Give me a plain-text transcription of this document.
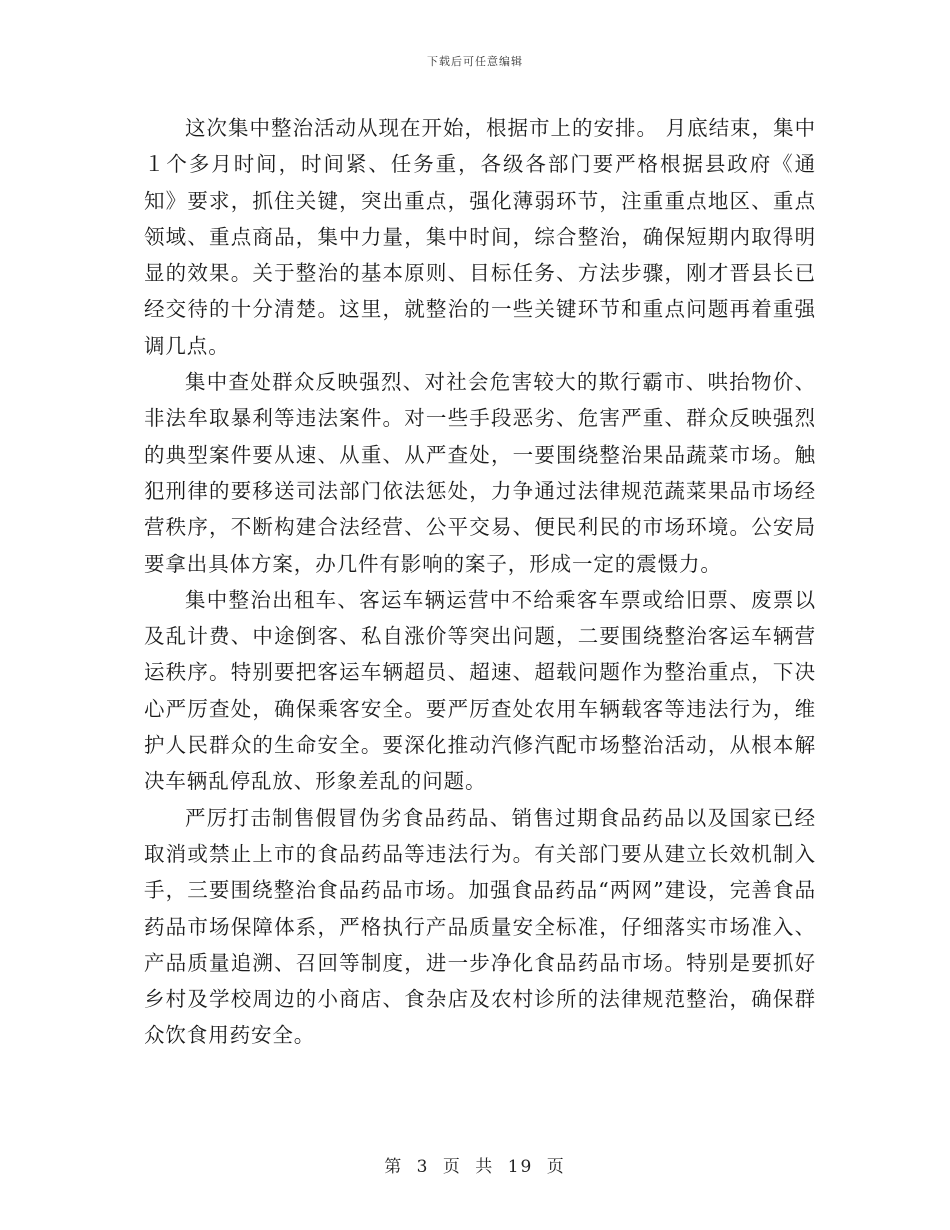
下载后可任意编辑

这次集中整治活动从现在开始，根据市上的安排。 月底结束，集中１个多月时间，时间紧、任务重，各级各部门要严格根据县政府《通知》要求，抓住关键，突出重点，强化薄弱环节，注重重点地区、重点领域、重点商品，集中力量，集中时间，综合整治，确保短期内取得明显的效果。关于整治的基本原则、目标任务、方法步骤，刚才晋县长已经交待的十分清楚。这里，就整治的一些关键环节和重点问题再着重强调几点。

集中查处群众反映强烈、对社会危害较大的欺行霸市、哄抬物价、非法牟取暴利等违法案件。对一些手段恶劣、危害严重、群众反映强烈的典型案件要从速、从重、从严查处，一要围绕整治果品蔬菜市场。触犯刑律的要移送司法部门依法惩处，力争通过法律规范蔬菜果品市场经营秩序，不断构建合法经营、公平交易、便民利民的市场环境。公安局要拿出具体方案，办几件有影响的案子，形成一定的震慑力。

集中整治出租车、客运车辆运营中不给乘客车票或给旧票、废票以及乱计费、中途倒客、私自涨价等突出问题，二要围绕整治客运车辆营运秩序。特别要把客运车辆超员、超速、超载问题作为整治重点，下决心严厉查处，确保乘客安全。要严厉查处农用车辆载客等违法行为，维护人民群众的生命安全。要深化推动汽修汽配市场整治活动，从根本解决车辆乱停乱放、形象差乱的问题。

严厉打击制售假冒伪劣食品药品、销售过期食品药品以及国家已经取消或禁止上市的食品药品等违法行为。有关部门要从建立长效机制入手，三要围绕整治食品药品市场。加强食品药品“两网”建设，完善食品药品市场保障体系，严格执行产品质量安全标准，仔细落实市场准入、产品质量追溯、召回等制度，进一步净化食品药品市场。特别是要抓好乡村及学校周边的小商店、食杂店及农村诊所的法律规范整治，确保群众饮食用药安全。

第 3 页 共 19 页
